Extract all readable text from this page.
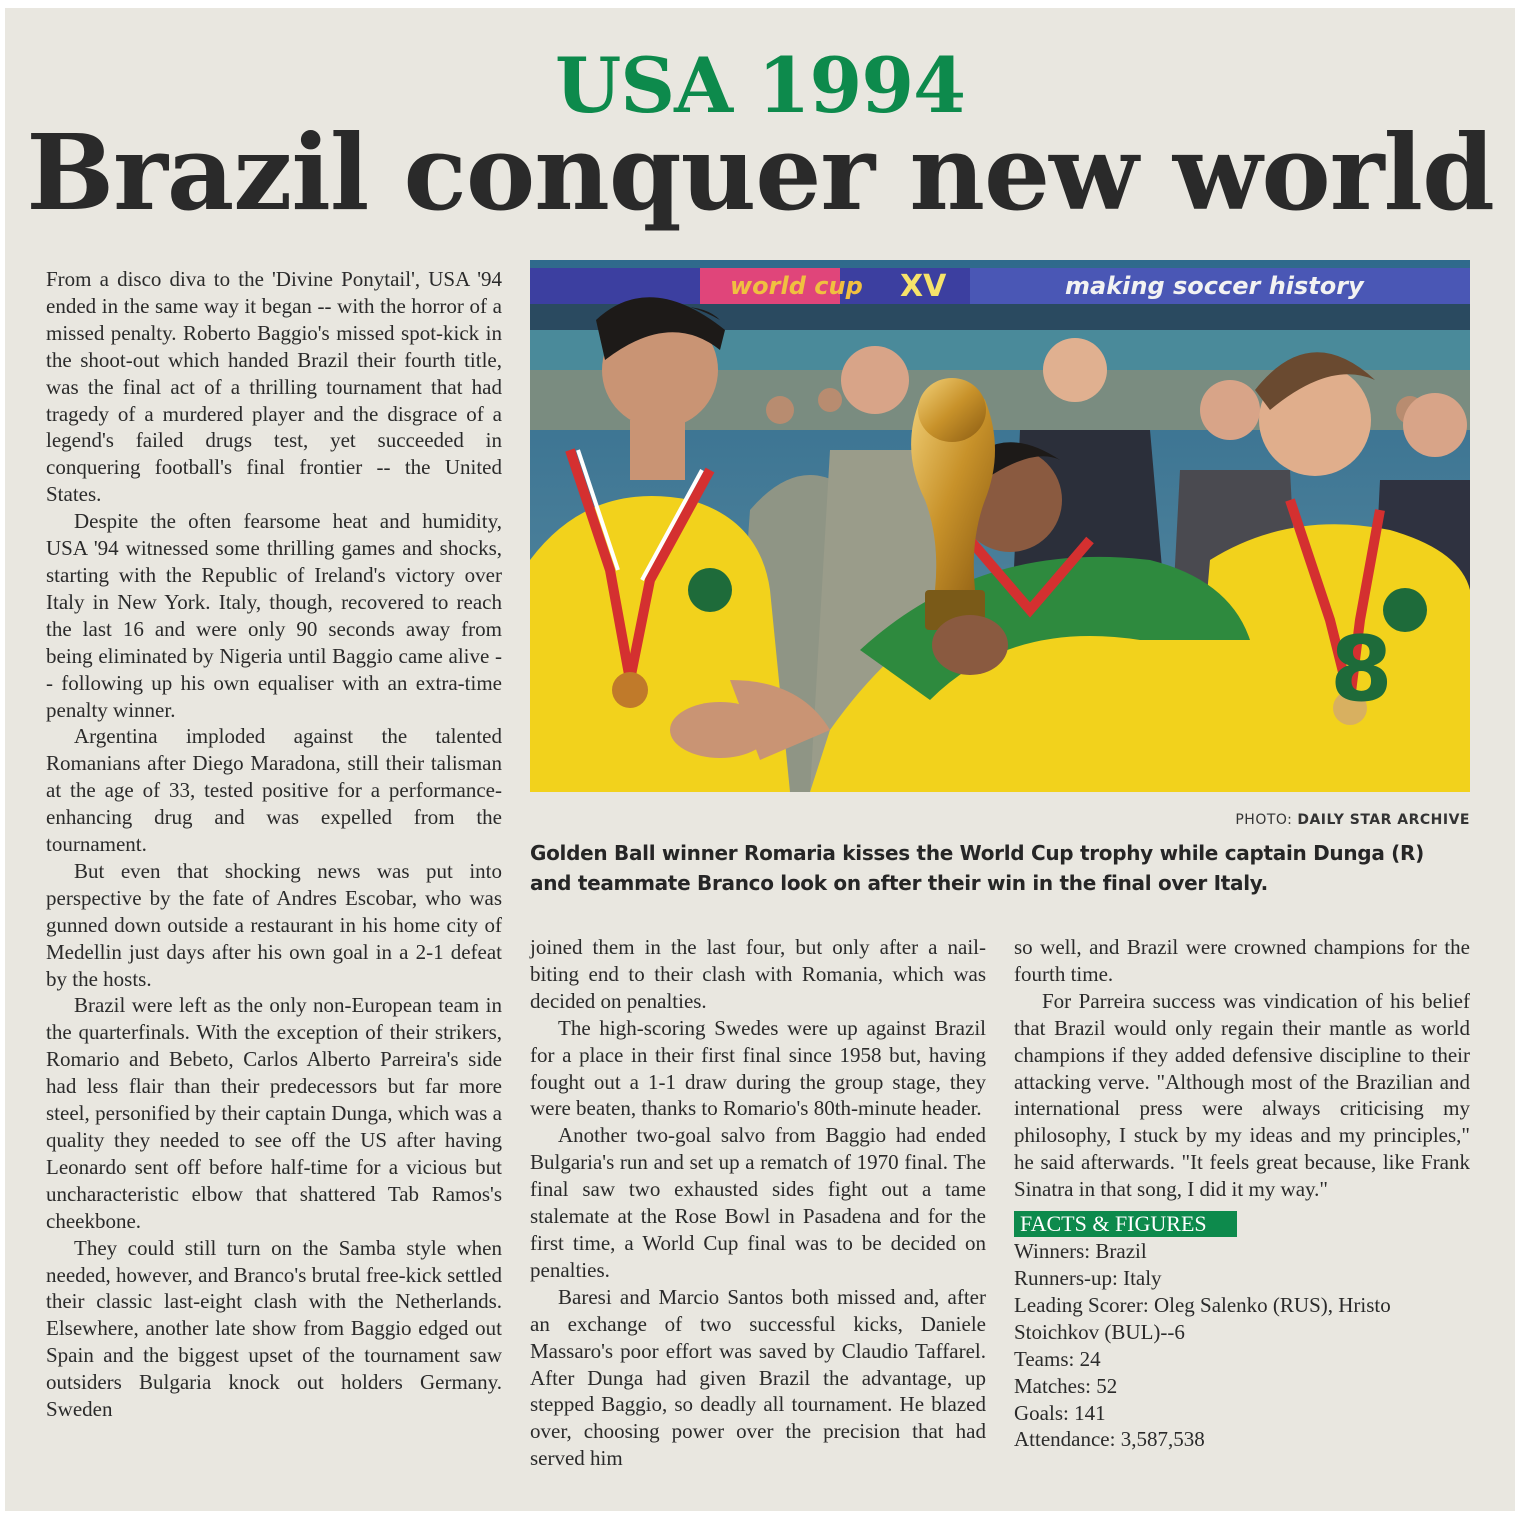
USA 1994
Brazil conquer new world

From a disco diva to the 'Divine Ponytail', USA '94 ended in the same way it began -- with the horror of a missed penalty. Roberto Baggio's missed spot-kick in the shoot-out which handed Brazil their fourth title, was the final act of a thrilling tournament that had tragedy of a murdered player and the disgrace of a legend's failed drugs test, yet succeeded in conquering football's final frontier -- the United States.

Despite the often fearsome heat and humidity, USA '94 witnessed some thrilling games and shocks, starting with the Republic of Ireland's victory over Italy in New York. Italy, though, recovered to reach the last 16 and were only 90 seconds away from being eliminated by Nigeria until Baggio came alive -- following up his own equaliser with an extra-time penalty winner.

Argentina imploded against the talented Romanians after Diego Maradona, still their talisman at the age of 33, tested positive for a performance-enhancing drug and was expelled from the tournament.

But even that shocking news was put into perspective by the fate of Andres Escobar, who was gunned down outside a restaurant in his home city of Medellin just days after his own goal in a 2-1 defeat by the hosts.

Brazil were left as the only non-European team in the quarterfinals. With the exception of their strikers, Romario and Bebeto, Carlos Alberto Parreira's side had less flair than their predecessors but far more steel, personified by their captain Dunga, which was a quality they needed to see off the US after having Leonardo sent off before half-time for a vicious but uncharacteristic elbow that shattered Tab Ramos's cheekbone.

They could still turn on the Samba style when needed, however, and Branco's brutal free-kick settled their classic last-eight clash with the Netherlands. Elsewhere, another late show from Baggio edged out Spain and the biggest upset of the tournament saw outsiders Bulgaria knock out holders Germany. Sweden

world cup XV	making soccer history
8
PHOTO: DAILY STAR ARCHIVE
Golden Ball winner Romaria kisses the World Cup trophy while captain Dunga (R) and teammate Branco look on after their win in the final over Italy.

joined them in the last four, but only after a nail-biting end to their clash with Romania, which was decided on penalties.

The high-scoring Swedes were up against Brazil for a place in their first final since 1958 but, having fought out a 1-1 draw during the group stage, they were beaten, thanks to Romario's 80th-minute header.

Another two-goal salvo from Baggio had ended Bulgaria's run and set up a rematch of 1970 final. The final saw two exhausted sides fight out a tame stalemate at the Rose Bowl in Pasadena and for the first time, a World Cup final was to be decided on penalties.

Baresi and Marcio Santos both missed and, after an exchange of two successful kicks, Daniele Massaro's poor effort was saved by Claudio Taffarel. After Dunga had given Brazil the advantage, up stepped Baggio, so deadly all tournament. He blazed over, choosing power over the precision that had served him

so well, and Brazil were crowned champions for the fourth time.

For Parreira success was vindication of his belief that Brazil would only regain their mantle as world champions if they added defensive discipline to their attacking verve. "Although most of the Brazilian and international press were always criticising my philosophy, I stuck by my ideas and my principles," he said afterwards. "It feels great because, like Frank Sinatra in that song, I did it my way."

FACTS & FIGURES

Winners: Brazil

Runners-up: Italy

Leading Scorer: Oleg Salenko (RUS), Hristo Stoichkov (BUL)--6

Teams: 24

Matches: 52

Goals: 141

Attendance: 3,587,538
